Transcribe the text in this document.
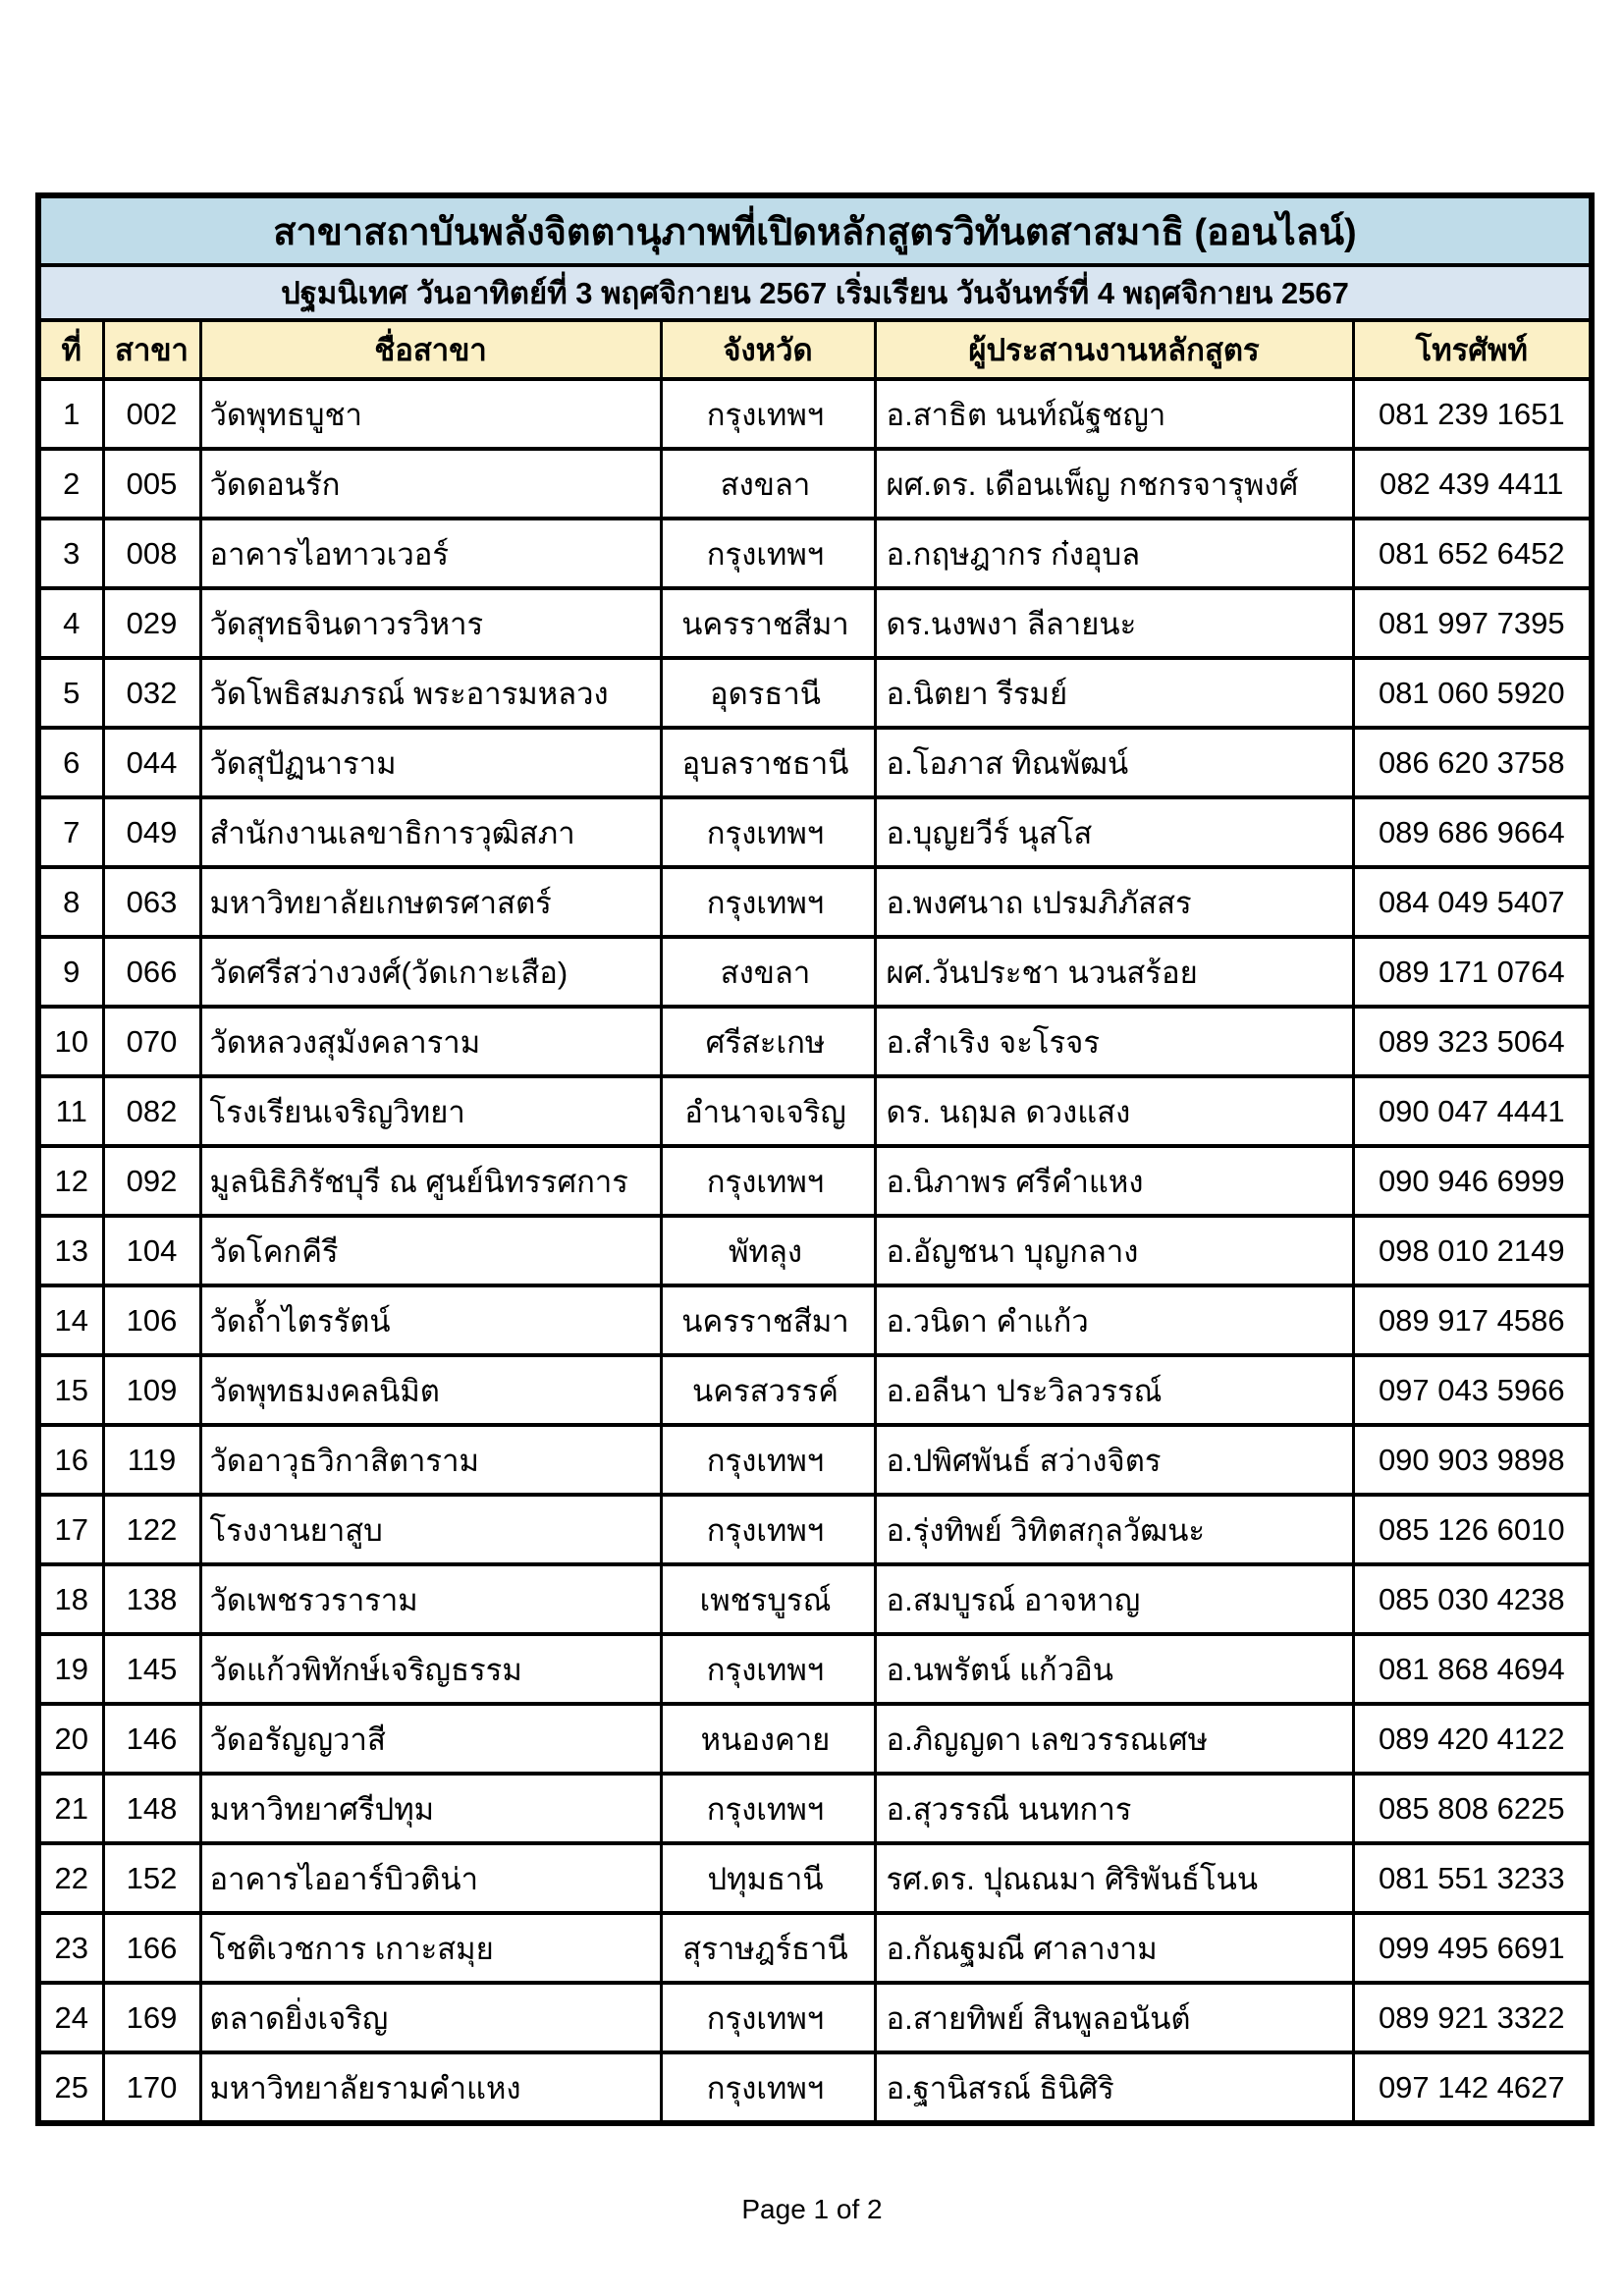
สาขาสถาบันพลังจิตตานุภาพที่เปิดหลักสูตรวิทันตสาสมาธิ (ออนไลน์)					
ปฐมนิเทศ วันอาทิตย์ที่ 3 พฤศจิกายน 2567 เริ่มเรียน วันจันทร์ที่ 4 พฤศจิกายน 2567					
ที่	สาขา	ชื่อสาขา	จังหวัด	ผู้ประสานงานหลักสูตร	โทรศัพท์
1	002	วัดพุทธบูชา	กรุงเทพฯ	อ.สาธิต นนท์ณัฐชญา	081 239 1651
2	005	วัดดอนรัก	สงขลา	ผศ.ดร. เดือนเพ็ญ กชกรจารุพงศ์	082 439 4411
3	008	อาคารไอทาวเวอร์	กรุงเทพฯ	อ.กฤษฎากร ก๋งอุบล	081 652 6452
4	029	วัดสุทธจินดาวรวิหาร	นครราชสีมา	ดร.นงพงา ลีลายนะ	081 997 7395
5	032	วัดโพธิสมภรณ์ พระอารมหลวง	อุดรธานี	อ.นิตยา รีรมย์	081 060 5920
6	044	วัดสุปัฏนาราม	อุบลราชธานี	อ.โอภาส ทิณพัฒน์	086 620 3758
7	049	สำนักงานเลขาธิการวุฒิสภา	กรุงเทพฯ	อ.บุญยวีร์ นุสโส	089 686 9664
8	063	มหาวิทยาลัยเกษตรศาสตร์	กรุงเทพฯ	อ.พงศนาถ เปรมภิภัสสร	084 049 5407
9	066	วัดศรีสว่างวงศ์(วัดเกาะเสือ)	สงขลา	ผศ.วันประชา นวนสร้อย	089 171 0764
10	070	วัดหลวงสุมังคลาราม	ศรีสะเกษ	อ.สำเริง จะโรจร	089 323 5064
11	082	โรงเรียนเจริญวิทยา	อำนาจเจริญ	ดร. นฤมล ดวงแสง	090 047 4441
12	092	มูลนิธิภิรัชบุรี ณ ศูนย์นิทรรศการ	กรุงเทพฯ	อ.นิภาพร ศรีคำแหง	090 946 6999
13	104	วัดโคกคีรี	พัทลุง	อ.อัญชนา บุญกลาง	098 010 2149
14	106	วัดถ้ำไตรรัตน์	นครราชสีมา	อ.วนิดา คำแก้ว	089 917 4586
15	109	วัดพุทธมงคลนิมิต	นครสวรรค์	อ.อลีนา ประวิลวรรณ์	097 043 5966
16	119	วัดอาวุธวิกาสิตาราม	กรุงเทพฯ	อ.ปพิศพันธ์ สว่างจิตร	090 903 9898
17	122	โรงงานยาสูบ	กรุงเทพฯ	อ.รุ่งทิพย์ วิทิตสกุลวัฒนะ	085 126 6010
18	138	วัดเพชรวราราม	เพชรบูรณ์	อ.สมบูรณ์ อาจหาญ	085 030 4238
19	145	วัดแก้วพิทักษ์เจริญธรรม	กรุงเทพฯ	อ.นพรัตน์ แก้วอิน	081 868 4694
20	146	วัดอรัญญวาสี	หนองคาย	อ.ภิญญดา เลขวรรณเศษ	089 420 4122
21	148	มหาวิทยาศรีปทุม	กรุงเทพฯ	อ.สุวรรณี นนทการ	085 808 6225
22	152	อาคารไออาร์บิวติน่า	ปทุมธานี	รศ.ดร. ปุณณมา ศิริพันธ์โนน	081 551 3233
23	166	โชติเวชการ เกาะสมุย	สุราษฎร์ธานี	อ.กัณฐมณี ศาลางาม	099 495 6691
24	169	ตลาดยิ่งเจริญ	กรุงเทพฯ	อ.สายทิพย์ สินพูลอนันต์	089 921 3322
25	170	มหาวิทยาลัยรามคำแหง	กรุงเทพฯ	อ.ฐานิสรณ์ ธินิศิริ	097 142 4627
Page 1 of 2
